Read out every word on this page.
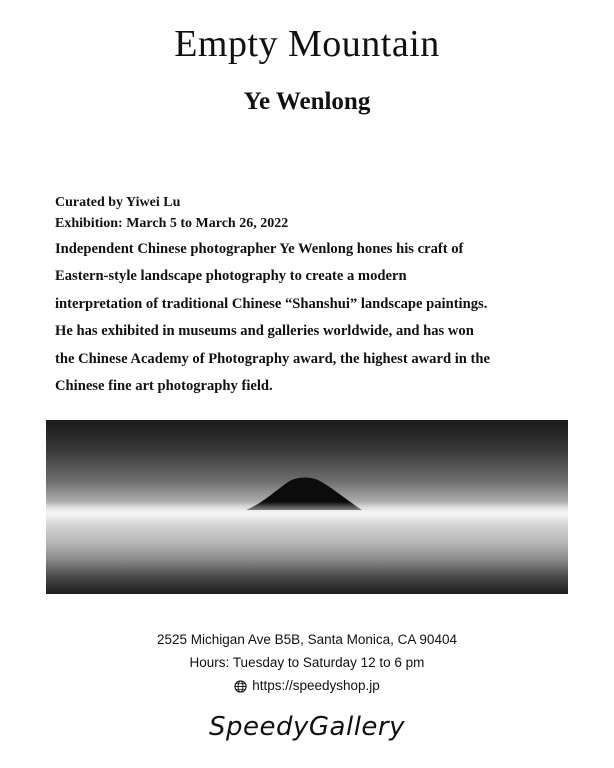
Empty Mountain
Ye Wenlong
Curated by Yiwei Lu
Exhibition: March 5 to March 26, 2022
Independent Chinese photographer Ye Wenlong hones his craft of
Eastern-style landscape photography to create a modern
interpretation of traditional Chinese “Shanshui” landscape paintings.
He has exhibited in museums and galleries worldwide, and has won
the Chinese Academy of Photography award, the highest award in the
Chinese fine art photography field.
2525 Michigan Ave B5B, Santa Monica, CA 90404
Hours: Tuesday to Saturday 12 to 6 pm
https://speedyshop.jp
SpeedyGallery
